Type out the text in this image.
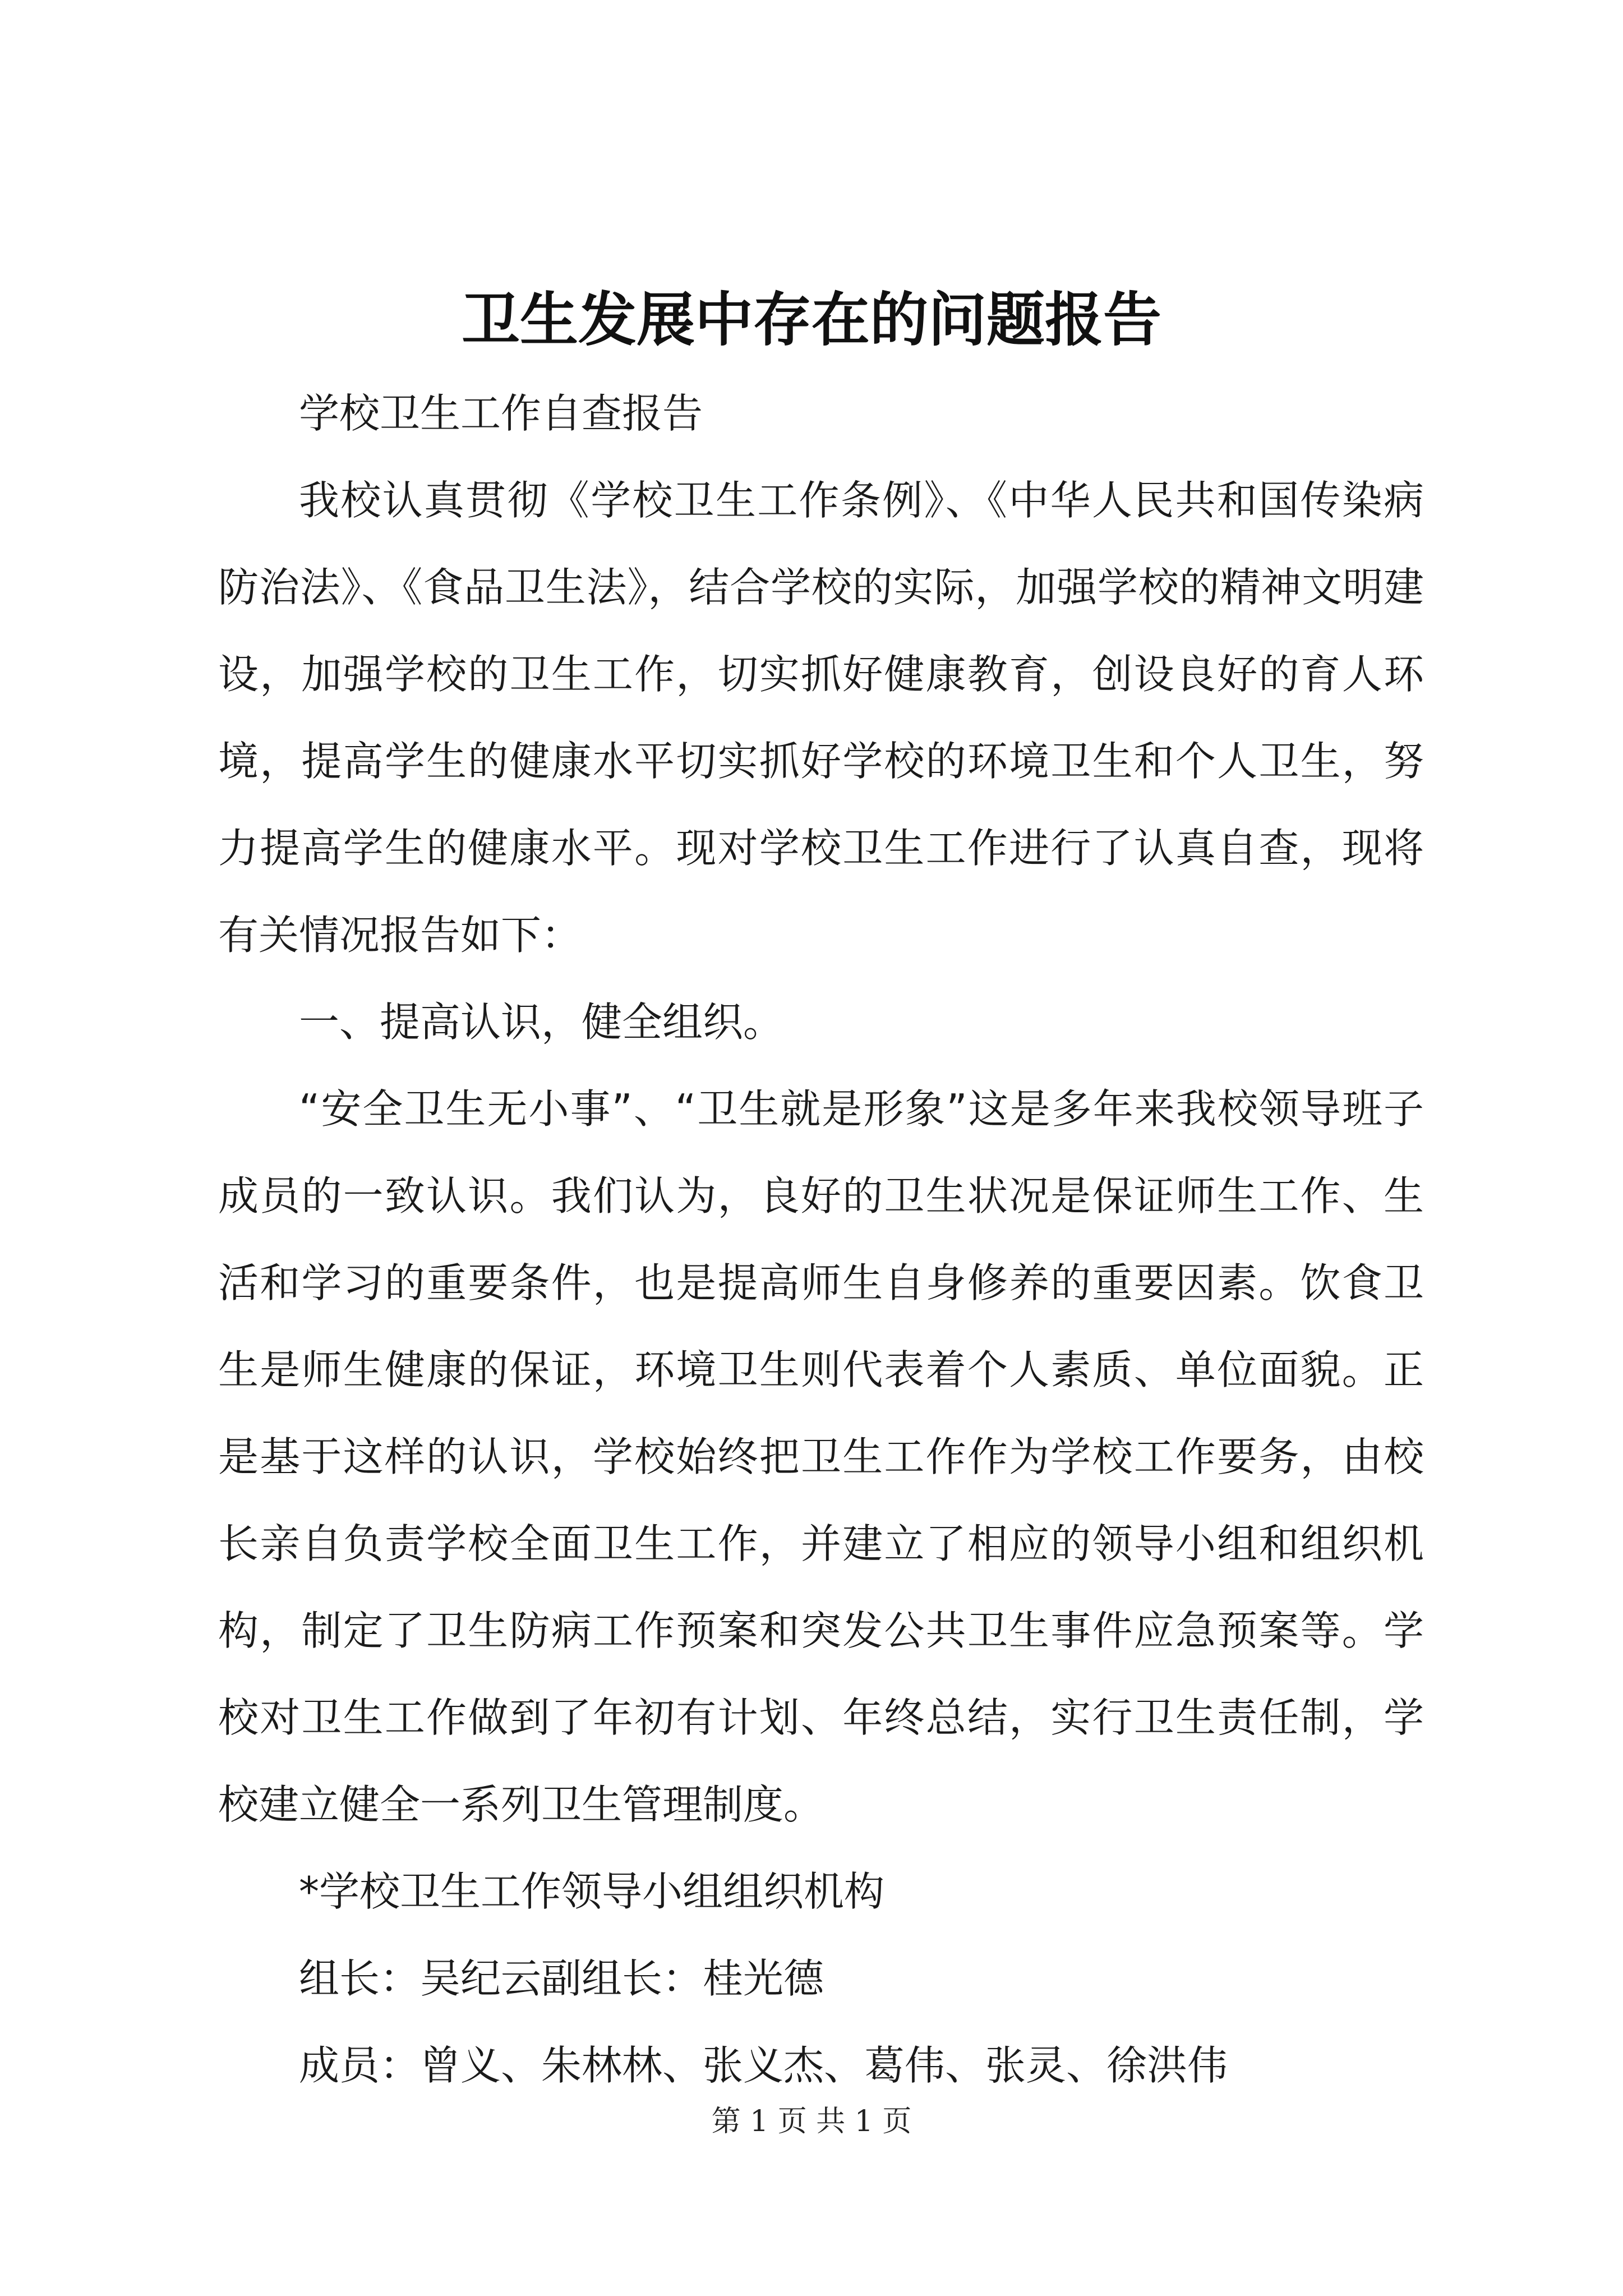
卫生发展中存在的问题报告

学校卫生工作自查报告

我校认真贯彻《学校卫生工作条例》、《中华人民共和国传染病防治法》、《食品卫生法》，结合学校的实际，加强学校的精神文明建设，加强学校的卫生工作，切实抓好健康教育，创设良好的育人环境，提高学生的健康水平切实抓好学校的环境卫生和个人卫生，努力提高学生的健康水平。现对学校卫生工作进行了认真自查，现将有关情况报告如下：

一、提高认识，健全组织。

“安全卫生无小事”、“卫生就是形象”这是多年来我校领导班子成员的一致认识。我们认为，良好的卫生状况是保证师生工作、生活和学习的重要条件，也是提高师生自身修养的重要因素。饮食卫生是师生健康的保证，环境卫生则代表着个人素质、单位面貌。正是基于这样的认识，学校始终把卫生工作作为学校工作要务，由校长亲自负责学校全面卫生工作，并建立了相应的领导小组和组织机构，制定了卫生防病工作预案和突发公共卫生事件应急预案等。学校对卫生工作做到了年初有计划、年终总结，实行卫生责任制，学校建立健全一系列卫生管理制度。

*学校卫生工作领导小组组织机构

组长：吴纪云副组长：桂光德

成员：曾义、朱林林、张义杰、葛伟、张灵、徐洪伟

第 1 页 共 1 页
